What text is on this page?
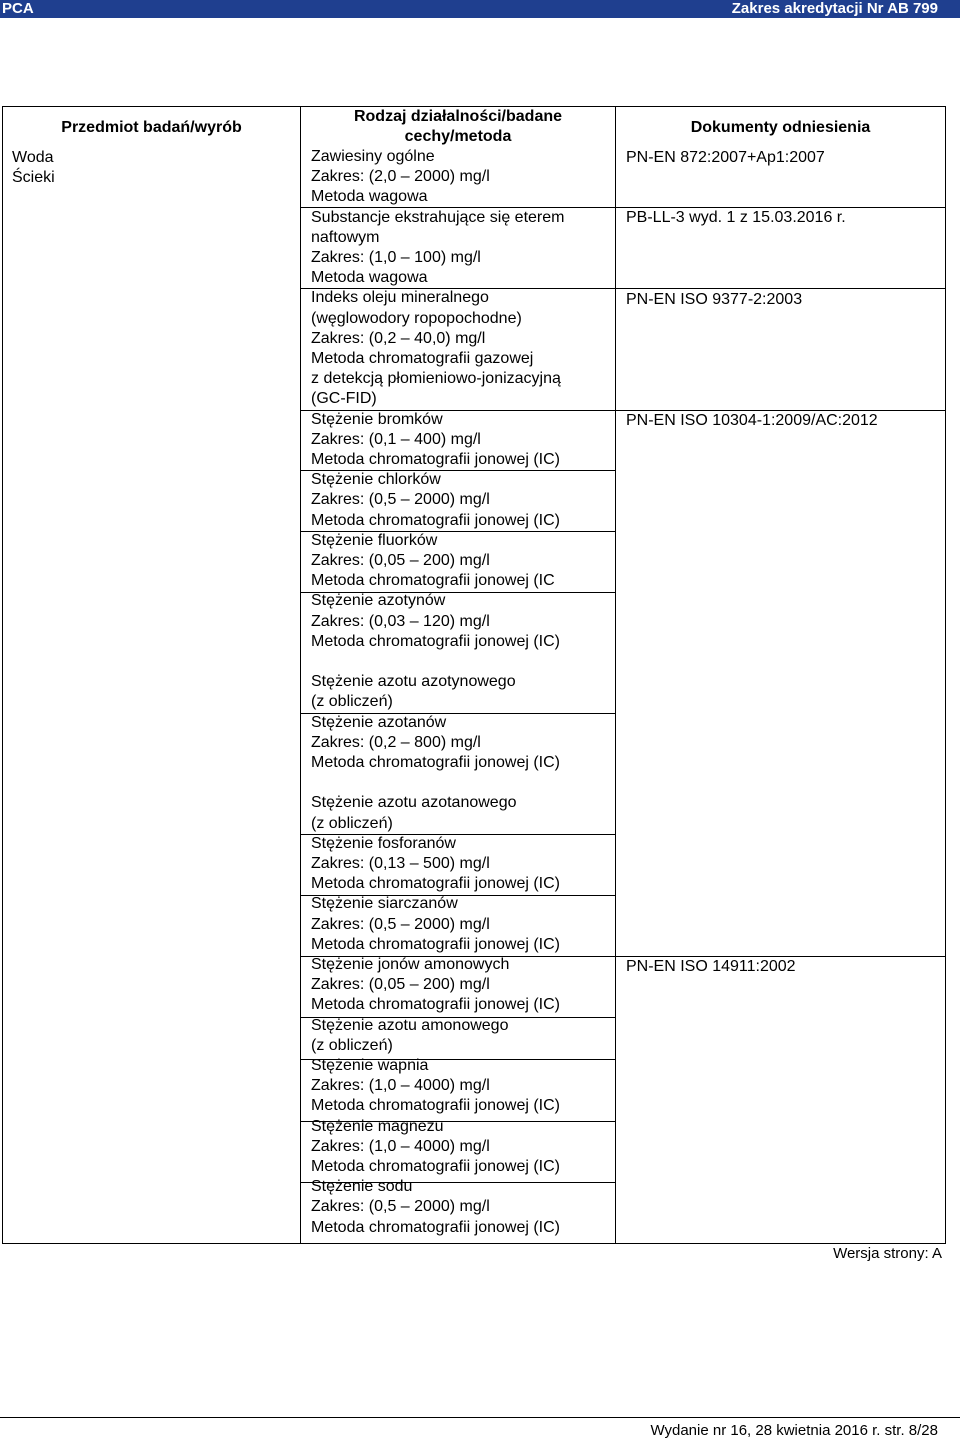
PCA	Zakres akredytacji Nr AB 799
Przedmiot badań/wyrób
Rodzaj działalności/badane
cechy/metoda
Dokumenty odniesienia
Woda
Ścieki
Zawiesiny ogólne
Zakres: (2,0 – 2000) mg/l
Metoda wagowa
Substancje ekstrahujące się eterem
naftowym
Zakres: (1,0 – 100) mg/l
Metoda wagowa
Indeks oleju mineralnego
(węglowodory ropopochodne)
Zakres: (0,2 ‒ 40,0) mg/l
Metoda chromatografii gazowej
z detekcją płomieniowo-jonizacyjną
(GC-FID)
Stężenie bromków
Zakres: (0,1 ‒ 400) mg/l
Metoda chromatografii jonowej (IC)
Stężenie chlorków
Zakres: (0,5 ‒ 2000) mg/l
Metoda chromatografii jonowej (IC)
Stężenie fluorków
Zakres: (0,05 ‒ 200) mg/l
Metoda chromatografii jonowej (IC
Stężenie azotynów
Zakres: (0,03 ‒ 120) mg/l
Metoda chromatografii jonowej (IC)
Stężenie azotu azotynowego
(z obliczeń)
Stężenie azotanów
Zakres: (0,2 ‒ 800) mg/l
Metoda chromatografii jonowej (IC)
Stężenie azotu azotanowego
(z obliczeń)
Stężenie fosforanów
Zakres: (0,13 ‒ 500) mg/l
Metoda chromatografii jonowej (IC)
Stężenie siarczanów
Zakres: (0,5 ‒ 2000) mg/l
Metoda chromatografii jonowej (IC)
Stężenie jonów amonowych
Zakres: (0,05 ‒ 200) mg/l
Metoda chromatografii jonowej (IC)
Stężenie azotu amonowego
(z obliczeń)
Stężenie wapnia
Zakres: (1,0 ‒ 4000) mg/l
Metoda chromatografii jonowej (IC)
Stężenie magnezu
Zakres: (1,0 ‒ 4000) mg/l
Metoda chromatografii jonowej (IC)
Stężenie sodu
Zakres: (0,5 ‒ 2000) mg/l
Metoda chromatografii jonowej (IC)
PN-EN 872:2007+Ap1:2007
PB-LL-3 wyd. 1 z 15.03.2016 r.
PN-EN ISO 9377-2:2003
PN-EN ISO 10304-1:2009/AC:2012
PN-EN ISO 14911:2002
Wersja strony: A
Wydanie nr 16, 28 kwietnia 2016 r. str. 8/28
